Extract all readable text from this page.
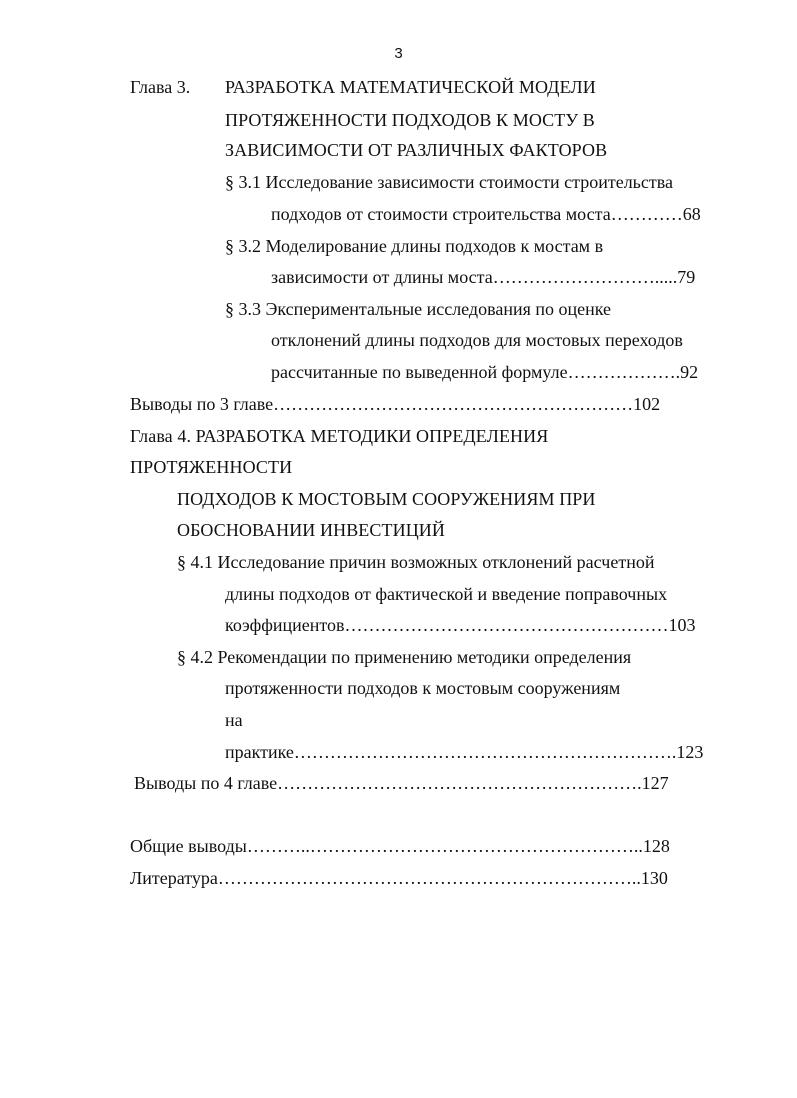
3
Глава 3. РАЗРАБОТКА МАТЕМАТИЧЕСКОЙ МОДЕЛИ
ПРОТЯЖЕННОСТИ ПОДХОДОВ К МОСТУ В
ЗАВИСИМОСТИ ОТ РАЗЛИЧНЫХ ФАКТОРОВ
§ 3.1 Исследование зависимости стоимости строительства
подходов от стоимости строительства моста…………68
§ 3.2 Моделирование длины подходов к мостам в
зависимости от длины моста……………………….....79
§ 3.3 Экспериментальные исследования по оценке
отклонений длины подходов для мостовых переходов
рассчитанные по выведенной формуле……………….92
Выводы по 3 главе……………………………………………………102
Глава 4. РАЗРАБОТКА МЕТОДИКИ ОПРЕДЕЛЕНИЯ
ПРОТЯЖЕННОСТИ
ПОДХОДОВ К МОСТОВЫМ СООРУЖЕНИЯМ ПРИ
ОБОСНОВАНИИ ИНВЕСТИЦИЙ
§ 4.1 Исследование причин возможных отклонений расчетной
длины подходов от фактической и введение поправочных
коэффициентов………………………………………………103
§ 4.2 Рекомендации по применению методики определения
протяженности подходов к мостовым сооружениям
на
практике……………………………………………………….123
Выводы по 4 главе…………………………………………………….127
Общие выводы………..………………………………………………..128
Литература……………………………………………………………..130
